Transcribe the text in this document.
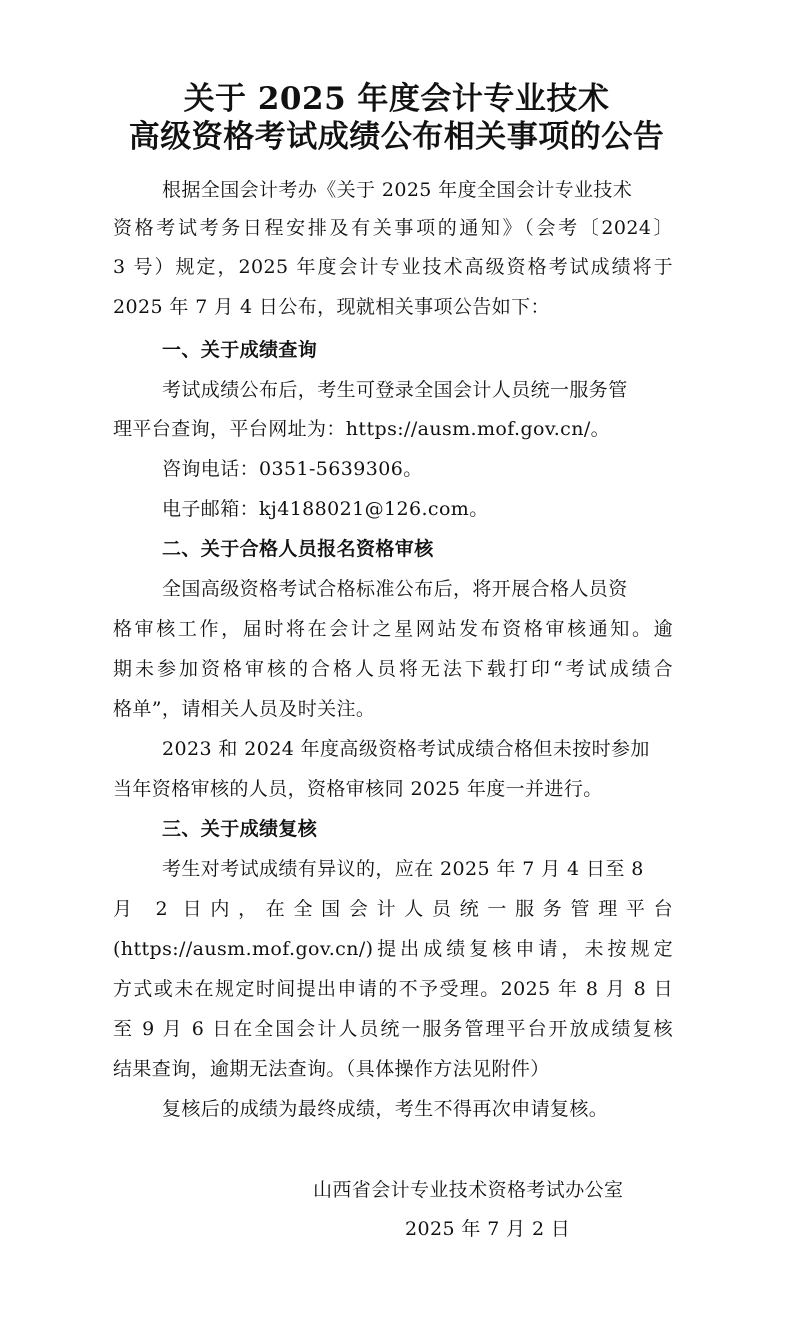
关于 2025 年度会计专业技术
高级资格考试成绩公布相关事项的公告
根据全国会计考办《关于 2025 年度全国会计专业技术
资格考试考务日程安排及有关事项的通知》（会考〔2024〕
3 号）规定，2025 年度会计专业技术高级资格考试成绩将于
2025 年 7 月 4 日公布，现就相关事项公告如下：
一、关于成绩查询
考试成绩公布后，考生可登录全国会计人员统一服务管
理平台查询，平台网址为：https://ausm.mof.gov.cn/。
咨询电话：0351-5639306。
电子邮箱：kj4188021@126.com。
二、关于合格人员报名资格审核
全国高级资格考试合格标准公布后，将开展合格人员资
格审核工作，届时将在会计之星网站发布资格审核通知。逾
期未参加资格审核的合格人员将无法下载打印“考试成绩合
格单”，请相关人员及时关注。
2023 和 2024 年度高级资格考试成绩合格但未按时参加
当年资格审核的人员，资格审核同 2025 年度一并进行。
三、关于成绩复核
考生对考试成绩有异议的，应在 2025 年 7 月 4 日至 8
月 2 日内，在全国会计人员统一服务管理平台
(https://ausm.mof.gov.cn/)提出成绩复核申请，未按规定
方式或未在规定时间提出申请的不予受理。2025 年 8 月 8 日
至 9 月 6 日在全国会计人员统一服务管理平台开放成绩复核
结果查询，逾期无法查询。（具体操作方法见附件）
复核后的成绩为最终成绩，考生不得再次申请复核。
山西省会计专业技术资格考试办公室
2025 年 7 月 2 日
